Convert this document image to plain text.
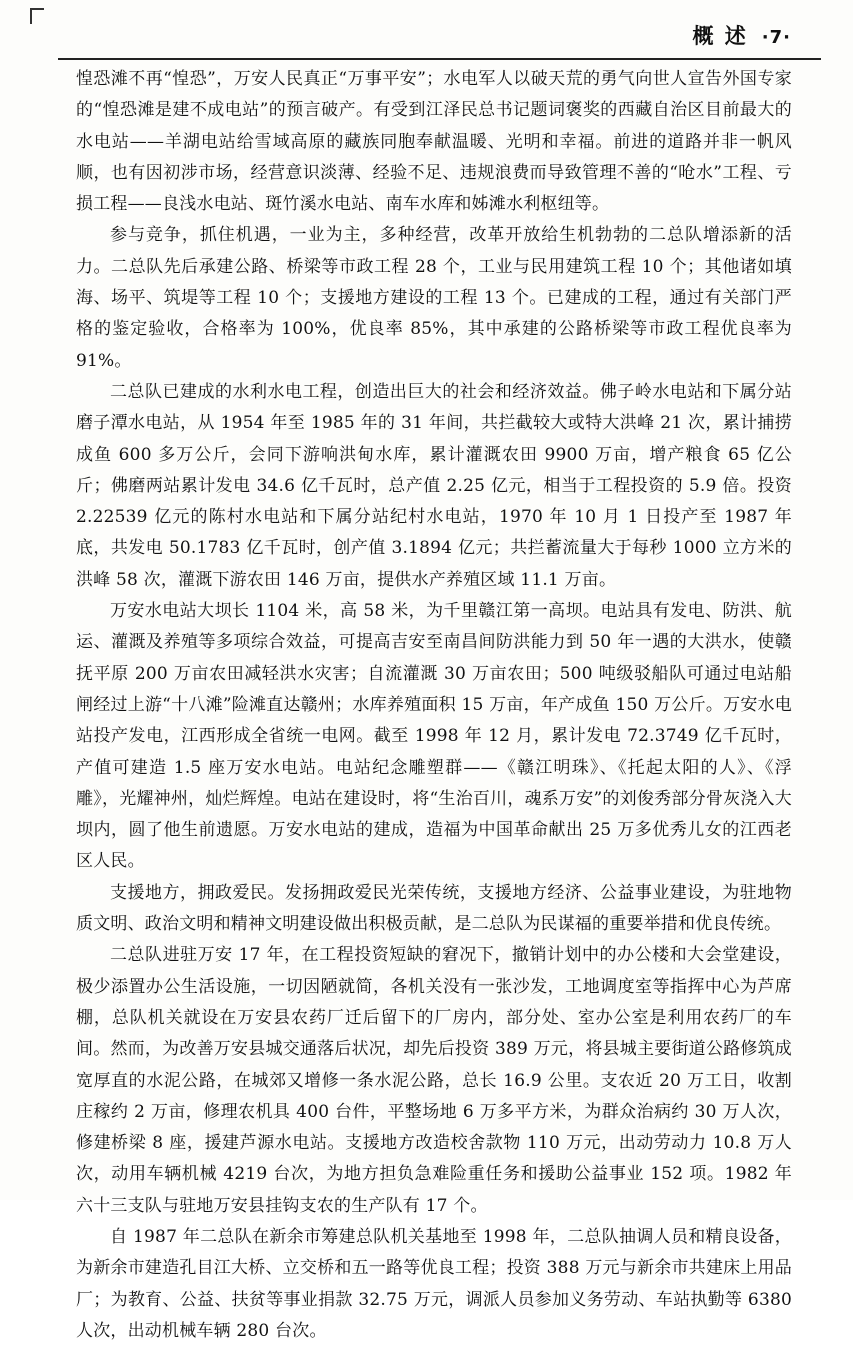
概 述 ·7·

惶恐滩不再“惶恐”，万安人民真正“万事平安”；水电军人以破天荒的勇气向世人宣告外国专家的“惶恐滩是建不成电站”的预言破产。有受到江泽民总书记题词褒奖的西藏自治区目前最大的水电站——羊湖电站给雪域高原的藏族同胞奉献温暖、光明和幸福。前进的道路并非一帆风顺，也有因初涉市场，经营意识淡薄、经验不足、违规浪费而导致管理不善的“呛水”工程、亏损工程——良浅水电站、斑竹溪水电站、南车水库和姊滩水利枢纽等。

参与竞争，抓住机遇，一业为主，多种经营，改革开放给生机勃勃的二总队增添新的活力。二总队先后承建公路、桥梁等市政工程 28 个，工业与民用建筑工程 10 个；其他诸如填海、场平、筑堤等工程 10 个；支援地方建设的工程 13 个。已建成的工程，通过有关部门严格的鉴定验收，合格率为 100%，优良率 85%，其中承建的公路桥梁等市政工程优良率为 91%。

二总队已建成的水利水电工程，创造出巨大的社会和经济效益。佛子岭水电站和下属分站磨子潭水电站，从 1954 年至 1985 年的 31 年间，共拦截较大或特大洪峰 21 次，累计捕捞成鱼 600 多万公斤，会同下游响洪甸水库，累计灌溉农田 9900 万亩，增产粮食 65 亿公斤；佛磨两站累计发电 34.6 亿千瓦时，总产值 2.25 亿元，相当于工程投资的 5.9 倍。投资 2.22539 亿元的陈村水电站和下属分站纪村水电站，1970 年 10 月 1 日投产至 1987 年底，共发电 50.1783 亿千瓦时，创产值 3.1894 亿元；共拦蓄流量大于每秒 1000 立方米的洪峰 58 次，灌溉下游农田 146 万亩，提供水产养殖区域 11.1 万亩。

万安水电站大坝长 1104 米，高 58 米，为千里赣江第一高坝。电站具有发电、防洪、航运、灌溉及养殖等多项综合效益，可提高吉安至南昌间防洪能力到 50 年一遇的大洪水，使赣抚平原 200 万亩农田减轻洪水灾害；自流灌溉 30 万亩农田；500 吨级驳船队可通过电站船闸经过上游“十八滩”险滩直达赣州；水库养殖面积 15 万亩，年产成鱼 150 万公斤。万安水电站投产发电，江西形成全省统一电网。截至 1998 年 12 月，累计发电 72.3749 亿千瓦时，产值可建造 1.5 座万安水电站。电站纪念雕塑群——《赣江明珠》、《托起太阳的人》、《浮雕》，光耀神州，灿烂辉煌。电站在建设时，将“生治百川，魂系万安”的刘俊秀部分骨灰浇入大坝内，圆了他生前遗愿。万安水电站的建成，造福为中国革命献出 25 万多优秀儿女的江西老区人民。

支援地方，拥政爱民。发扬拥政爱民光荣传统，支援地方经济、公益事业建设，为驻地物质文明、政治文明和精神文明建设做出积极贡献，是二总队为民谋福的重要举措和优良传统。

二总队进驻万安 17 年，在工程投资短缺的窘况下，撤销计划中的办公楼和大会堂建设，极少添置办公生活设施，一切因陋就简，各机关没有一张沙发，工地调度室等指挥中心为芦席棚，总队机关就设在万安县农药厂迁后留下的厂房内，部分处、室办公室是利用农药厂的车间。然而，为改善万安县城交通落后状况，却先后投资 389 万元，将县城主要街道公路修筑成宽厚直的水泥公路，在城郊又增修一条水泥公路，总长 16.9 公里。支农近 20 万工日，收割庄稼约 2 万亩，修理农机具 400 台件，平整场地 6 万多平方米，为群众治病约 30 万人次，修建桥梁 8 座，援建芦源水电站。支援地方改造校舍款物 110 万元，出动劳动力 10.8 万人次，动用车辆机械 4219 台次，为地方担负急难险重任务和援助公益事业 152 项。1982 年六十三支队与驻地万安县挂钩支农的生产队有 17 个。

自 1987 年二总队在新余市筹建总队机关基地至 1998 年，二总队抽调人员和精良设备，为新余市建造孔目江大桥、立交桥和五一路等优良工程；投资 388 万元与新余市共建床上用品厂；为教育、公益、扶贫等事业捐款 32.75 万元，调派人员参加义务劳动、车站执勤等 6380 人次，出动机械车辆 280 台次。
